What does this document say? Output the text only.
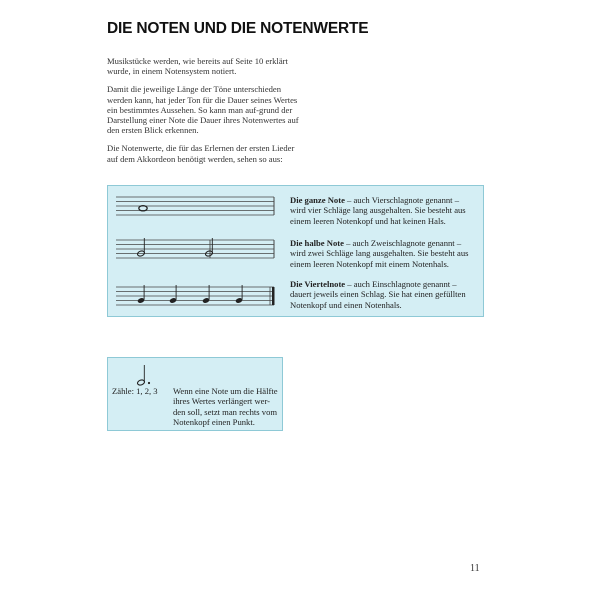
DIE NOTEN UND DIE NOTENWERTE

Musikstücke werden, wie bereits auf Seite 10 erklärt wurde, in einem Notensystem notiert.

Damit die jeweilige Länge der Töne unterschieden werden kann, hat jeder Ton für die Dauer seines Wertes ein bestimmtes Aussehen. So kann man auf-grund der Darstellung einer Note die Dauer ihres Notenwertes auf den ersten Blick erkennen.

Die Notenwerte, die für das Erlernen der ersten Lieder auf dem Akkordeon benötigt werden, sehen so aus:

Die ganze Note – auch Vierschlagnote genannt – wird vier Schläge lang ausgehalten. Sie besteht aus einem leeren Notenkopf und hat keinen Hals.
Die halbe Note – auch Zweischlagnote genannt – wird zwei Schläge lang ausgehalten. Sie besteht aus einem leeren Notenkopf mit einem Notenhals.
Die Viertelnote – auch Einschlagnote genannt – dauert jeweils einen Schlag. Sie hat einen gefüllten Notenkopf und einen Notenhals.
Zähle: 1, 2, 3 Wenn eine Note um die Hälfte ihres Wertes verlängert wer-den soll, setzt man rechts vom Notenkopf einen Punkt.
11
